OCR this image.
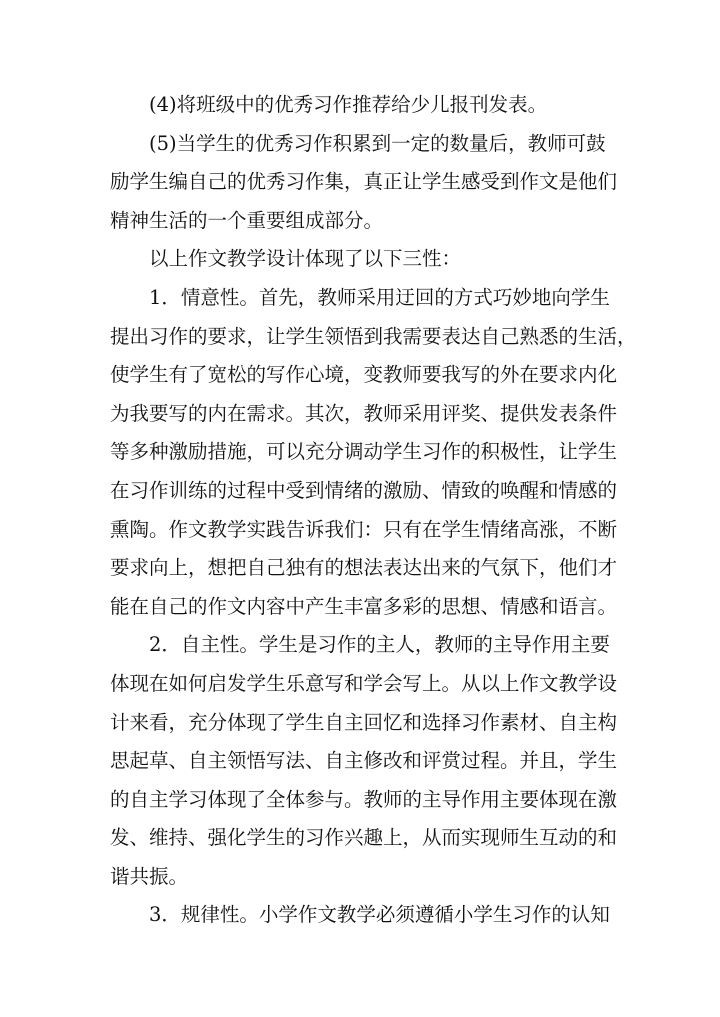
(4)将班级中的优秀习作推荐给少儿报刊发表。
(5)当学生的优秀习作积累到一定的数量后，教师可鼓
励学生编自己的优秀习作集，真正让学生感受到作文是他们
精神生活的一个重要组成部分。
以上作文教学设计体现了以下三性：
1．情意性。首先，教师采用迂回的方式巧妙地向学生
提出习作的要求，让学生领悟到我需要表达自己熟悉的生活，
使学生有了宽松的写作心境，变教师要我写的外在要求内化
为我要写的内在需求。其次，教师采用评奖、提供发表条件
等多种激励措施，可以充分调动学生习作的积极性，让学生
在习作训练的过程中受到情绪的激励、情致的唤醒和情感的
熏陶。作文教学实践告诉我们：只有在学生情绪高涨，不断
要求向上，想把自己独有的想法表达出来的气氛下，他们才
能在自己的作文内容中产生丰富多彩的思想、情感和语言。
2．自主性。学生是习作的主人，教师的主导作用主要
体现在如何启发学生乐意写和学会写上。从以上作文教学设
计来看，充分体现了学生自主回忆和选择习作素材、自主构
思起草、自主领悟写法、自主修改和评赏过程。并且，学生
的自主学习体现了全体参与。教师的主导作用主要体现在激
发、维持、强化学生的习作兴趣上，从而实现师生互动的和
谐共振。
3．规律性。小学作文教学必须遵循小学生习作的认知
